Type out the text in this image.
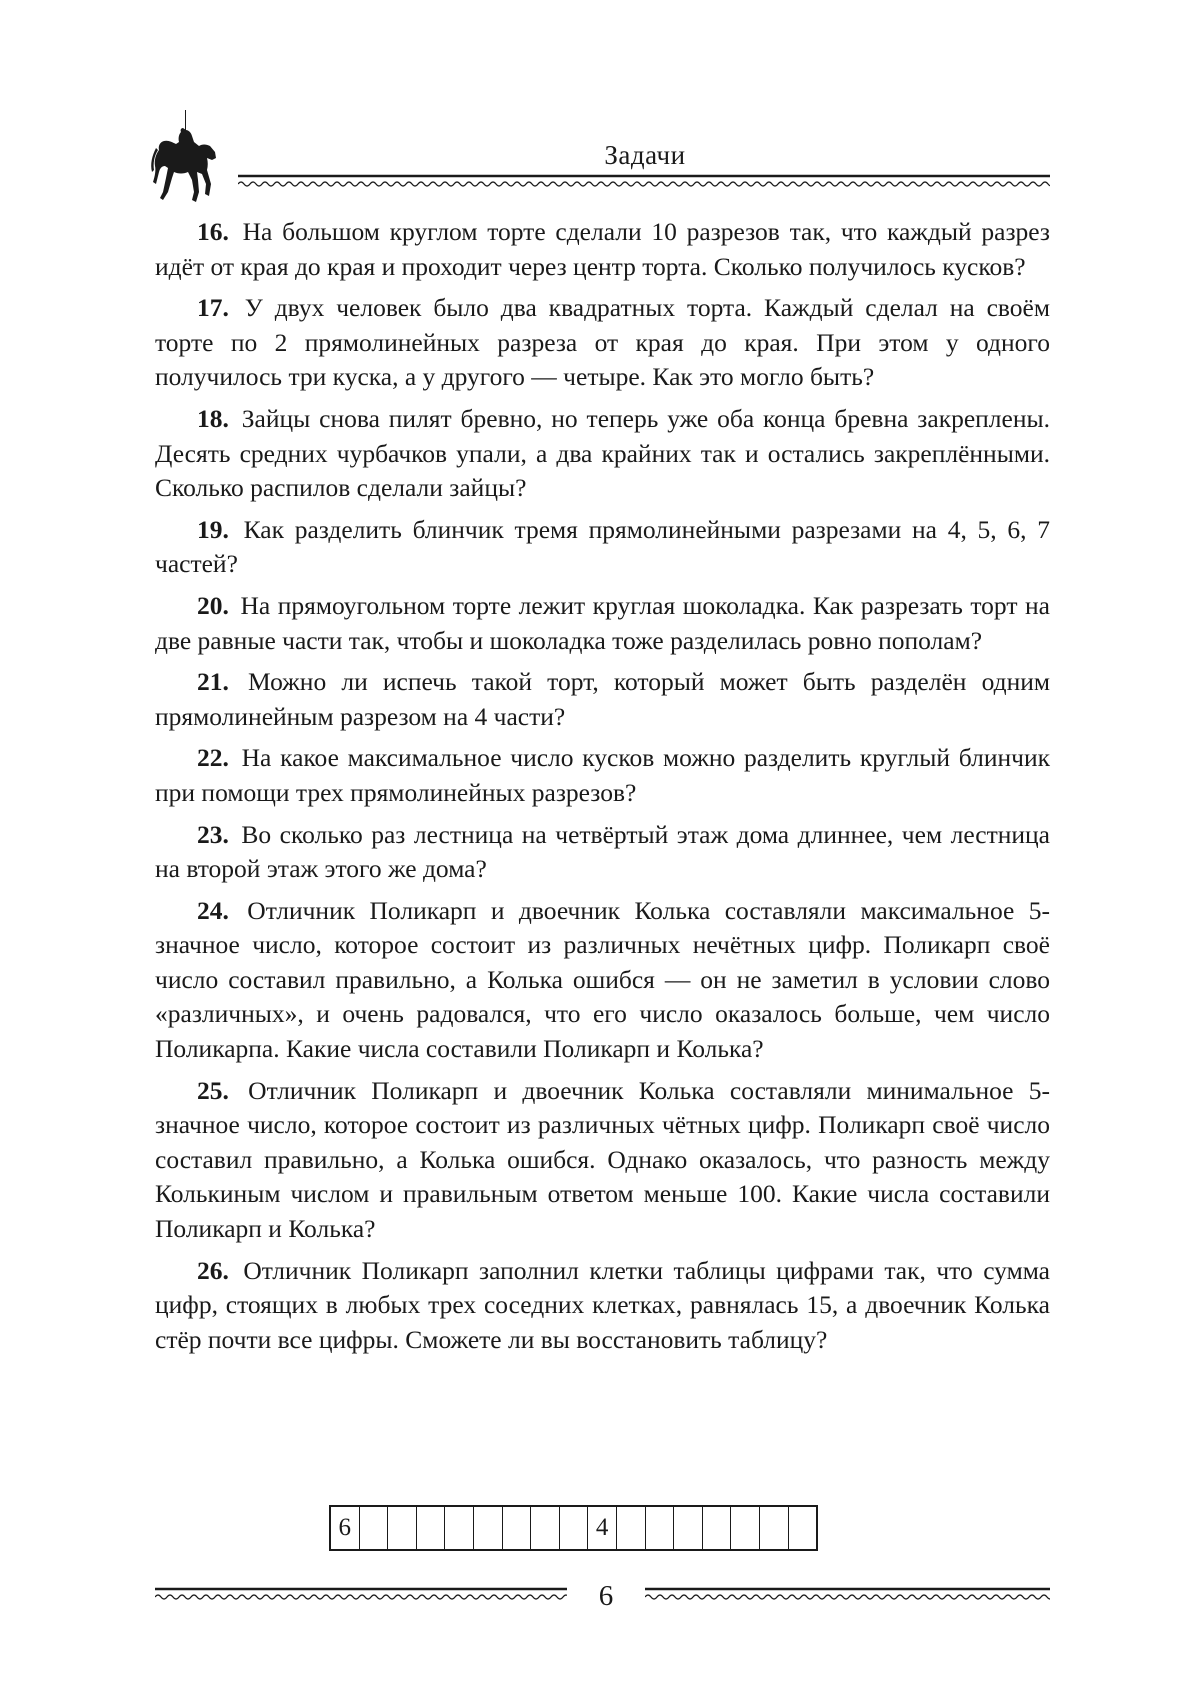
Задачи

16. На большом круглом торте сделали 10 разрезов так, что каждый разрез идёт от края до края и проходит через центр торта. Сколько получилось кусков?

17. У двух человек было два квадратных торта. Каждый сделал на своём торте по 2 прямолинейных разреза от края до края. При этом у одного получилось три куска, а у другого — четыре. Как это могло быть?

18. Зайцы снова пилят бревно, но теперь уже оба конца бревна закреплены. Десять средних чурбачков упали, а два крайних так и остались закреплёнными. Сколько распилов сделали зайцы?

19. Как разделить блинчик тремя прямолинейными разрезами на 4, 5, 6, 7 частей?

20. На прямоугольном торте лежит круглая шоколадка. Как разрезать торт на две равные части так, чтобы и шоколадка тоже разделилась ровно пополам?

21. Можно ли испечь такой торт, который может быть разделён одним прямолинейным разрезом на 4 части?

22. На какое максимальное число кусков можно разделить круглый блинчик при помощи трех прямолинейных разрезов?

23. Во сколько раз лестница на четвёртый этаж дома длиннее, чем лестница на второй этаж этого же дома?

24. Отличник Поликарп и двоечник Колька составляли максимальное 5-значное число, которое состоит из различных нечётных цифр. Поликарп своё число составил правильно, а Колька ошибся — он не заметил в условии слово «различных», и очень радовался, что его число оказалось больше, чем число Поликарпа. Какие числа составили Поликарп и Колька?

25. Отличник Поликарп и двоечник Колька составляли минимальное 5-значное число, которое состоит из различных чётных цифр. Поликарп своё число составил правильно, а Колька ошибся. Однако оказалось, что разность между Колькиным числом и правильным ответом меньше 100. Какие числа составили Поликарп и Колька?

26. Отличник Поликарп заполнил клетки таблицы цифрами так, что сумма цифр, стоящих в любых трех соседних клетках, равнялась 15, а двоечник Колька стёр почти все цифры. Сможете ли вы восстановить таблицу?

6									4							
6
